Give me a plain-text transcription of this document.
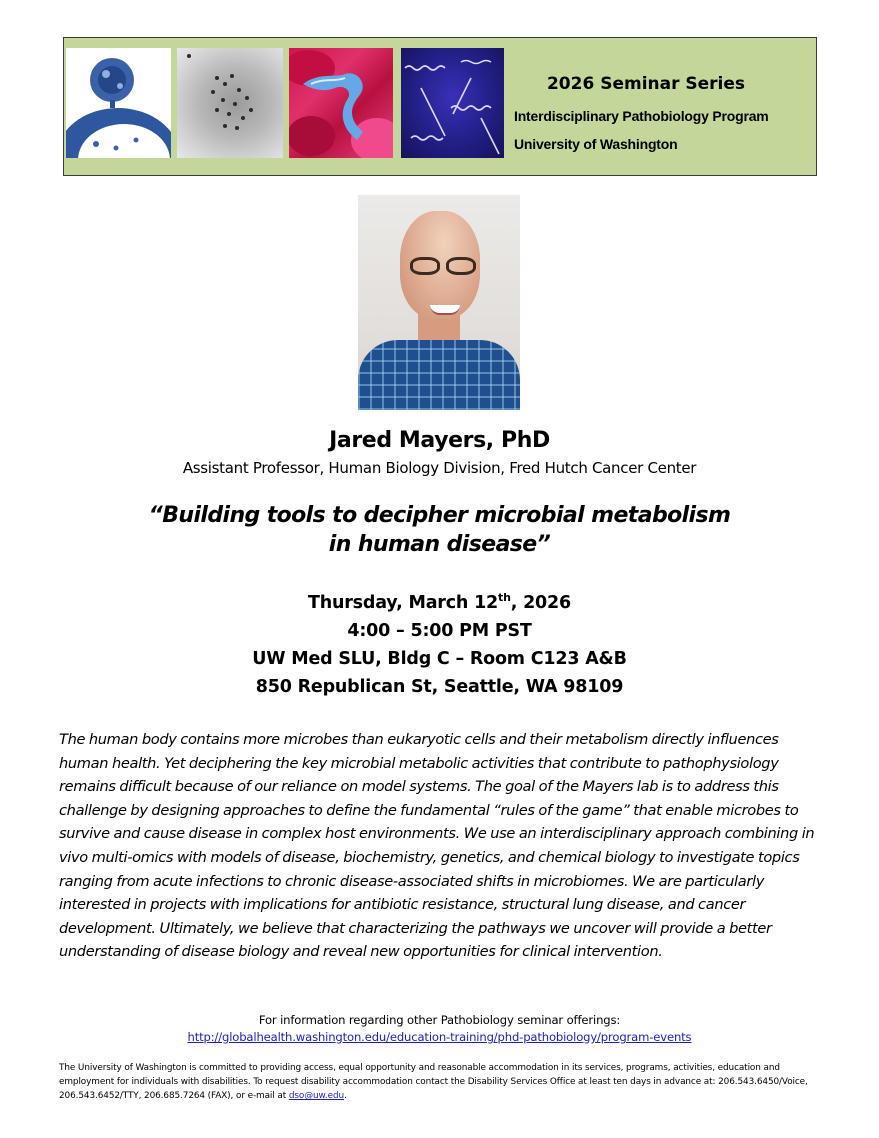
2026 Seminar Series
Interdisciplinary Pathobiology Program
University of Washington
Jared Mayers, PhD
Assistant Professor, Human Biology Division, Fred Hutch Cancer Center
“Building tools to decipher microbial metabolism
in human disease”
Thursday, March 12th, 2026
4:00 – 5:00 PM PST
UW Med SLU, Bldg C – Room C123 A&B
850 Republican St, Seattle, WA 98109
The human body contains more microbes than eukaryotic cells and their metabolism directly influences human health. Yet deciphering the key microbial metabolic activities that contribute to pathophysiology remains difficult because of our reliance on model systems. The goal of the Mayers lab is to address this challenge by designing approaches to define the fundamental “rules of the game” that enable microbes to survive and cause disease in complex host environments. We use an interdisciplinary approach combining in vivo multi-omics with models of disease, biochemistry, genetics, and chemical biology to investigate topics ranging from acute infections to chronic disease-associated shifts in microbiomes. We are particularly interested in projects with implications for antibiotic resistance, structural lung disease, and cancer development. Ultimately, we believe that characterizing the pathways we uncover will provide a better understanding of disease biology and reveal new opportunities for clinical intervention.
For information regarding other Pathobiology seminar offerings:
http://globalhealth.washington.edu/education-training/phd-pathobiology/program-events
The University of Washington is committed to providing access, equal opportunity and reasonable accommodation in its services, programs, activities, education and employment for individuals with disabilities. To request disability accommodation contact the Disability Services Office at least ten days in advance at: 206.543.6450/Voice, 206.543.6452/TTY, 206.685.7264 (FAX), or e-mail at dso@uw.edu.
